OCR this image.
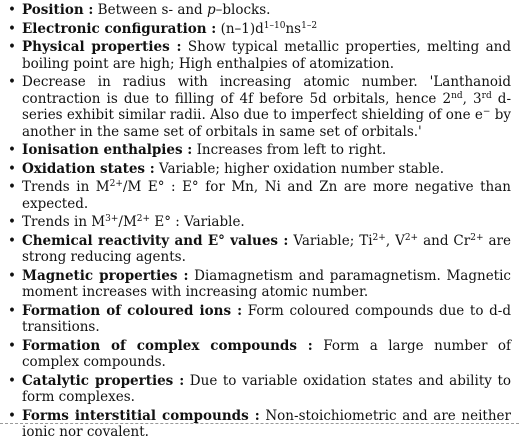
• Position : Between s- and p–blocks.
• Electronic configuration : $(n-1)d^{1-10}ns^{1-2}$
• Physical properties : Show typical metallic properties, melting and boiling point are high; High enthalpies of atomization.
• Decrease in radius with increasing atomic number. 'Lanthanoid contraction is due to filling of 4f before 5d orbitals, hence 2nd, 3rd d-series exhibit similar radii. Also due to imperfect shielding of one e− by another in the same set of orbitals in same set of orbitals.'
• Ionisation enthalpies : Increases from left to right.
• Oxidation states : Variable; higher oxidation number stable.
• Trends in $M^{2+}/M$ E° : E° for Mn, Ni and Zn are more negative than expected.
• Trends in $M^{3+}/M^{2+}$ E° : Variable.
• Chemical reactivity and E° values : Variable; $Ti^{2+}$, $V^{2+}$ and $Cr^{2+}$ are strong reducing agents.
• Magnetic properties : Diamagnetism and paramagnetism. Magnetic moment increases with increasing atomic number.
• Formation of coloured ions : Form coloured compounds due to d-d transitions.
• Formation of complex compounds : Form a large number of complex compounds.
• Catalytic properties : Due to variable oxidation states and ability to form complexes.
• Forms interstitial compounds : Non-stoichiometric and are neither ionic nor covalent.
